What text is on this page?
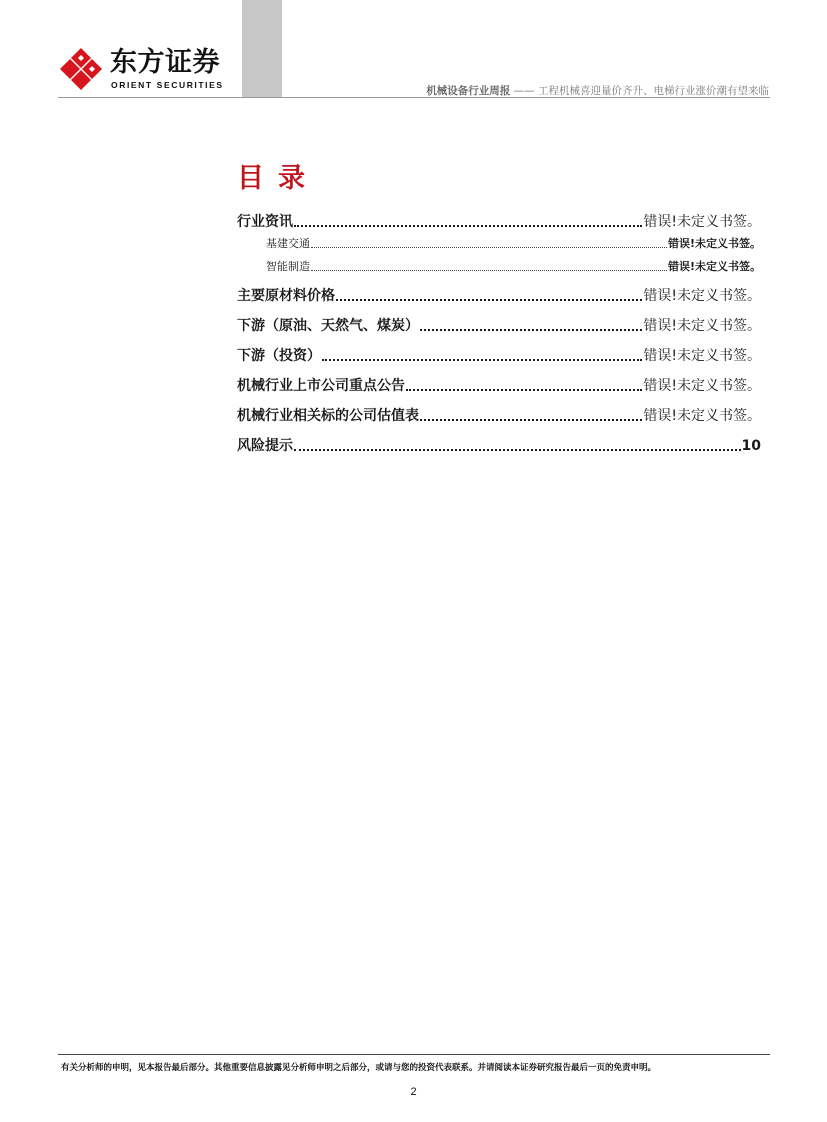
东方证券
ORIENT SECURITIES	机械设备行业周报 —— 工程机械喜迎量价齐升、电梯行业涨价潮有望来临
目录
行业资讯	错误!未定义书签。
基建交通	错误!未定义书签。
智能制造	错误!未定义书签。
主要原材料价格	错误!未定义书签。
下游（原油、天然气、煤炭）	错误!未定义书签。
下游（投资）	错误!未定义书签。
机械行业上市公司重点公告	错误!未定义书签。
机械行业相关标的公司估值表	错误!未定义书签。
风险提示	10
有关分析师的申明，见本报告最后部分。其他重要信息披露见分析师申明之后部分，或请与您的投资代表联系。并请阅读本证券研究报告最后一页的免责申明。
2
